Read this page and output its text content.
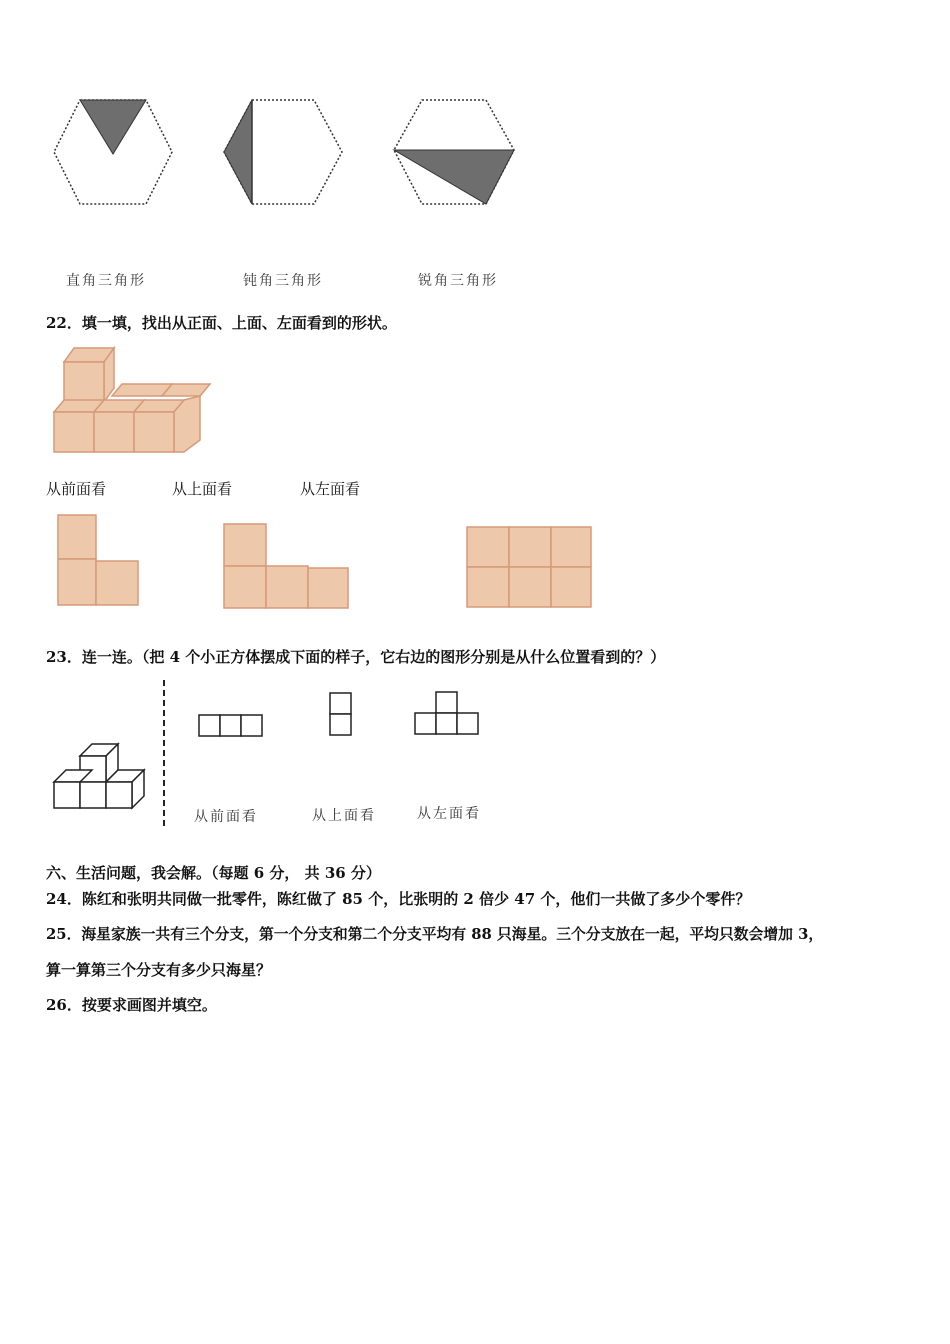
直角三角形	钝角三角形	锐角三角形
22．填一填，找出从正面、上面、左面看到的形状。
从前面看	从上面看	从左面看
23．连一连。（把 4 个小正方体摆成下面的样子，它右边的图形分别是从什么位置看到的？）
从前面看	从上面看	从左面看
六、生活问题，我会解。（每题 6 分， 共 36 分）
24．陈红和张明共同做一批零件，陈红做了 85 个，比张明的 2 倍少 47 个，他们一共做了多少个零件？
25．海星家族一共有三个分支，第一个分支和第二个分支平均有 88 只海星。三个分支放在一起，平均只数会增加 3，
算一算第三个分支有多少只海星？
26．按要求画图并填空。
